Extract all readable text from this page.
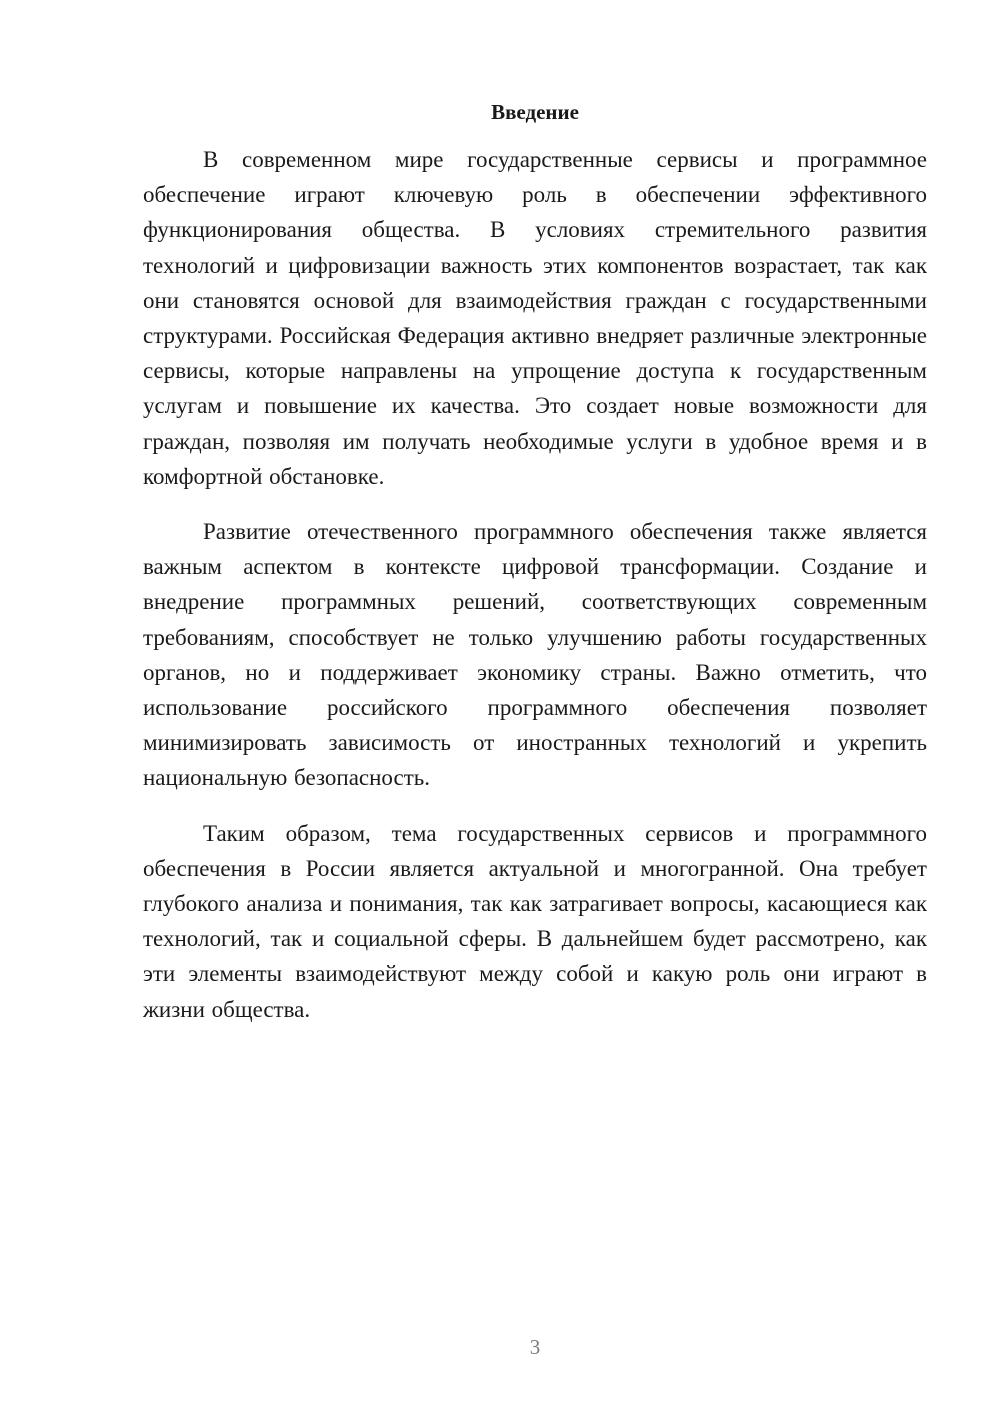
Введение

В современном мире государственные сервисы и программное обеспечение играют ключевую роль в обеспечении эффективного функционирования общества. В условиях стремительного развития технологий и цифровизации важность этих компонентов возрастает, так как они становятся основой для взаимодействия граждан с государственными структурами. Российская Федерация активно внедряет различные электронные сервисы, которые направлены на упрощение доступа к государственным услугам и повышение их качества. Это создает новые возможности для граждан, позволяя им получать необходимые услуги в удобное время и в комфортной обстановке.

Развитие отечественного программного обеспечения также является важным аспектом в контексте цифровой трансформации. Создание и внедрение программных решений, соответствующих современным требованиям, способствует не только улучшению работы государственных органов, но и поддерживает экономику страны. Важно отметить, что использование российского программного обеспечения позволяет минимизировать зависимость от иностранных технологий и укрепить национальную безопасность.

Таким образом, тема государственных сервисов и программного обеспечения в России является актуальной и многогранной. Она требует глубокого анализа и понимания, так как затрагивает вопросы, касающиеся как технологий, так и социальной сферы. В дальнейшем будет рассмотрено, как эти элементы взаимодействуют между собой и какую роль они играют в жизни общества.

3
